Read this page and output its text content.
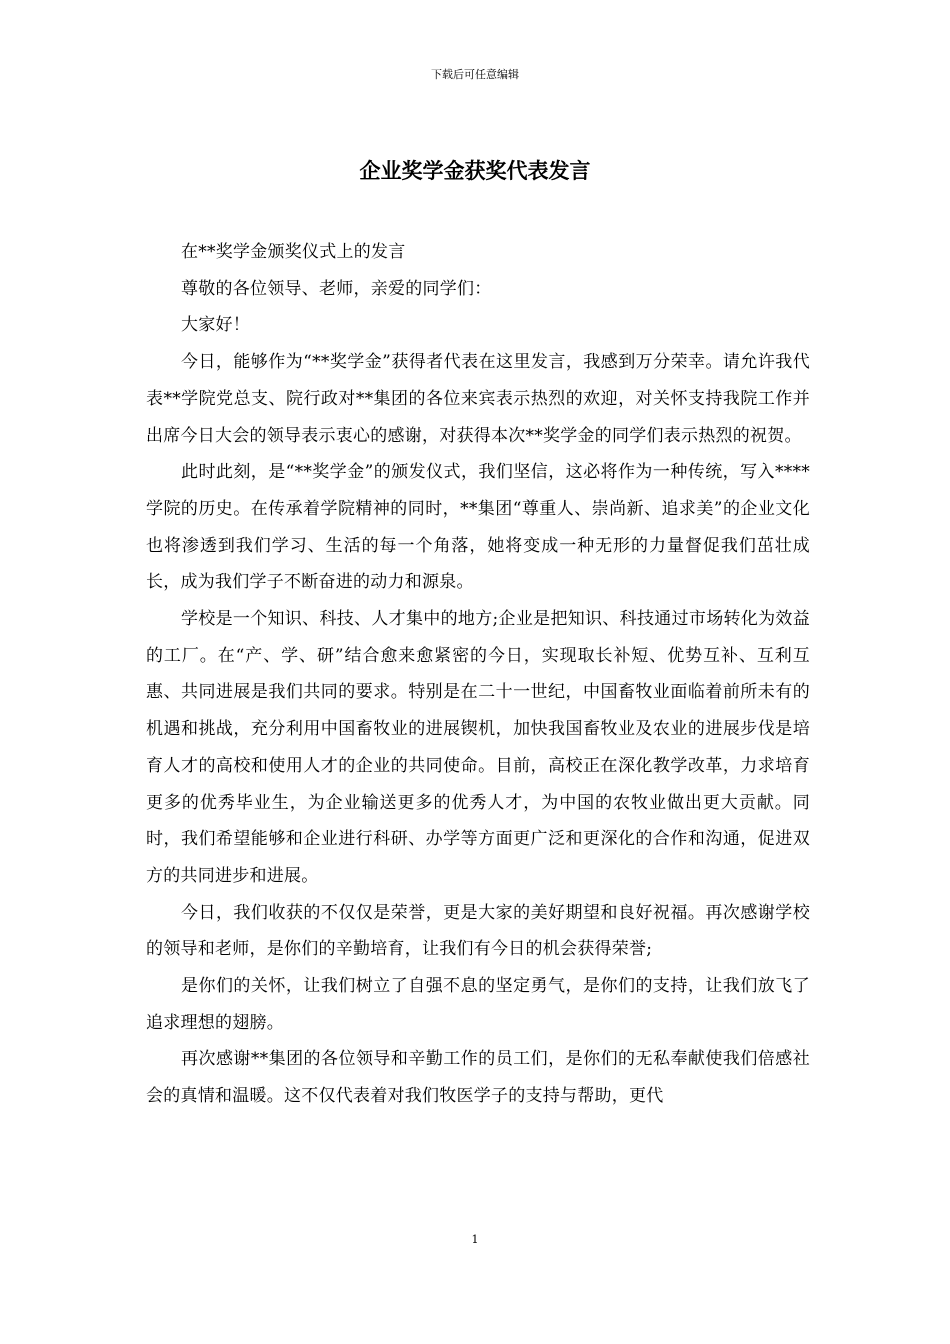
下载后可任意编辑
企业奖学金获奖代表发言

在**奖学金颁奖仪式上的发言

尊敬的各位领导、老师，亲爱的同学们：

大家好！

今日，能够作为“**奖学金”获得者代表在这里发言，我感到万分荣幸。请允许我代表**学院党总支、院行政对**集团的各位来宾表示热烈的欢迎，对关怀支持我院工作并出席今日大会的领导表示衷心的感谢，对获得本次**奖学金的同学们表示热烈的祝贺。

此时此刻，是“**奖学金”的颁发仪式，我们坚信，这必将作为一种传统，写入****学院的历史。在传承着学院精神的同时，**集团“尊重人、崇尚新、追求美”的企业文化也将渗透到我们学习、生活的每一个角落，她将变成一种无形的力量督促我们茁壮成长，成为我们学子不断奋进的动力和源泉。

学校是一个知识、科技、人才集中的地方;企业是把知识、科技通过市场转化为效益的工厂。在“产、学、研”结合愈来愈紧密的今日，实现取长补短、优势互补、互利互惠、共同进展是我们共同的要求。特别是在二十一世纪，中国畜牧业面临着前所未有的机遇和挑战，充分利用中国畜牧业的进展锲机，加快我国畜牧业及农业的进展步伐是培育人才的高校和使用人才的企业的共同使命。目前，高校正在深化教学改革，力求培育更多的优秀毕业生，为企业输送更多的优秀人才，为中国的农牧业做出更大贡献。同时，我们希望能够和企业进行科研、办学等方面更广泛和更深化的合作和沟通，促进双方的共同进步和进展。

今日，我们收获的不仅仅是荣誉，更是大家的美好期望和良好祝福。再次感谢学校的领导和老师，是你们的辛勤培育，让我们有今日的机会获得荣誉;

是你们的关怀，让我们树立了自强不息的坚定勇气，是你们的支持，让我们放飞了追求理想的翅膀。

再次感谢**集团的各位领导和辛勤工作的员工们，是你们的无私奉献使我们倍感社会的真情和温暖。这不仅代表着对我们牧医学子的支持与帮助，更代

1
